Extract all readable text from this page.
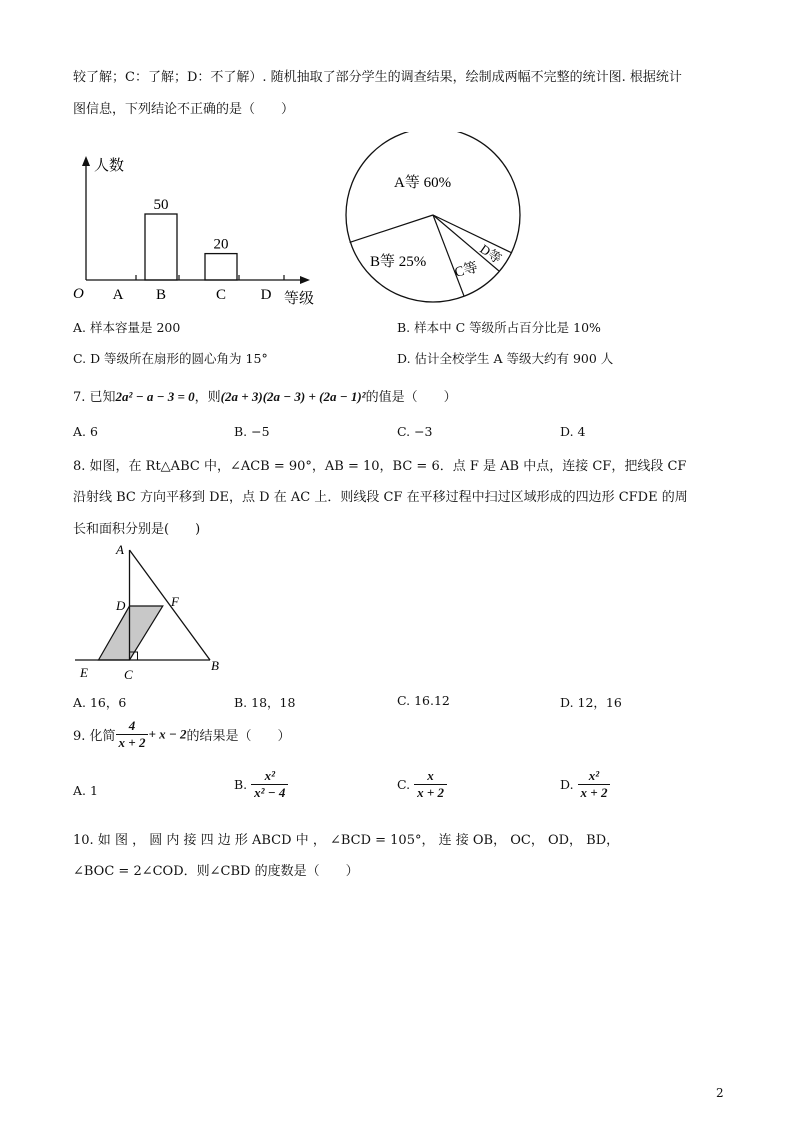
较了解；C：了解；D：不了解）. 随机抽取了部分学生的调查结果，绘制成两幅不完整的统计图. 根据统计
图信息，下列结论不正确的是（　　）
人数
等级
O A B
50
C
20
D
A等 60%
B等 25% C等
D等
A. 样本容量是 200	B. 样本中 C 等级所占百分比是 10%
C. D 等级所在扇形的圆心角为 15°	D. 估计全校学生 A 等级大约有 900 人
7. 已知2a² − a − 3 = 0，则(2a + 3)(2a − 3) + (2a − 1)²的值是（　　）
A. 6	B. −5	C. −3	D. 4
8. 如图，在 Rt△ABC 中，∠ACB = 90°，AB = 10，BC = 6．点 F 是 AB 中点，连接 CF，把线段 CF
沿射线 BC 方向平移到 DE，点 D 在 AC 上．则线段 CF 在平移过程中扫过区域形成的四边形 CFDE 的周
长和面积分别是(　　)
A
D	F
E	C
B
A. 16，6	B. 18，18	C. 16.12	D. 12，16
9. 化简 $\frac{4}{x + 2} + x - 2$的结果是（　　）
A. 1	B. $\frac{\text{x²}}{\text{x² − 4}}$	C. $\frac{x}{x + 2}$	D. $\frac{\text{x²}}{x + 2}$
10. 如 图 ， 圆 内 接 四 边 形 ABCD 中 ， ∠BCD = 105°， 连 接 OB， OC， OD， BD，
∠BOC = 2∠COD．则∠CBD 的度数是（　　）
2
